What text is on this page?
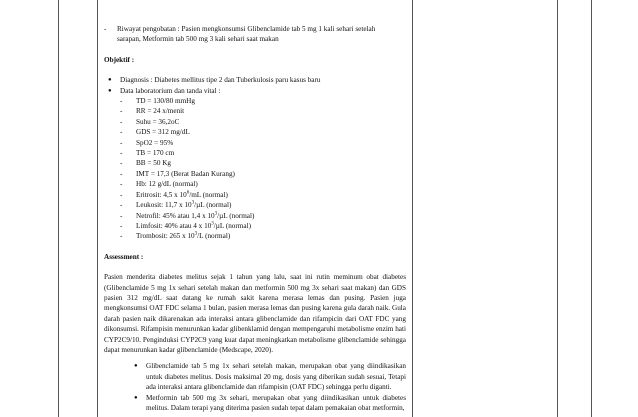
- Riwayat pengobatan : Pasien mengkonsumsi Glibenclamide tab 5 mg 1 kali sehari setelah

sarapan, Metformin tab 500 mg 3 kali sehari saat makan

Objektif :

● Diagnosis : Diabetes mellitus tipe 2 dan Tuberkulosis paru kasus baru
● Data laboratorium dan tanda vital :
- TD = 130/80 mmHg
- RR = 24 x/menit
- Suhu = 36,2oC
- GDS = 312 mg/dL
- SpO2 = 95%
- TB = 170 cm
- BB = 50 Kg
- IMT = 17,3 (Berat Badan Kurang)
- Hb: 12 g/dL (normal)
- Eritrosit: 4,5 x $10^6/mL$ (normal)
- Leukosit: 11,7 x $10^3/\mu L$ (normal)
- Netrofil: 45% atau 1,4 x $10^3/\mu L$ (normal)
- Limfosit: 40% atau 4 x $10^3/\mu L$ (normal)
- Trombosit: 265 x $10^3/L$ (normal)

Assessment :

Pasien menderita diabetes melitus sejak 1 tahun yang lalu, saat ini rutin meminum obat diabetes (Glibenclamide 5 mg 1x sehari setelah makan dan metformin 500 mg 3x sehari saat makan) dan GDS pasien 312 mg/dL saat datang ke rumah sakit karena merasa lemas dan pusing. Pasien juga mengkonsumsi OAT FDC selama 1 bulan, pasien merasa lemas dan pusing karena gula darah naik. Gula darah pasien naik dikarenakan ada interaksi antara glibenclamide dan rifampicin dari OAT FDC yang dikonsumsi. Rifampisin menurunkan kadar glibenklamid dengan mempengaruhi metabolisme enzim hati CYP2C9/10. Penginduksi CYP2C9 yang kuat dapat meningkatkan metabolisme glibenclamide sehingga dapat menurunkan kadar glibenclamide (Medscape, 2020).

● Glibenclamide tab 5 mg 1x sehari setelah makan, merupakan obat yang diindikasikan untuk diabetes melitus. Dosis maksimal 20 mg, dosis yang diberikan sudah sesuai, Tetapi ada interaksi antara glibenclamide dan rifampisin (OAT FDC) sehingga perlu diganti.
● Metformin tab 500 mg 3x sehari, merupakan obat yang diindikasikan untuk diabetes melitus. Dalam terapi yang diterima pasien sudah tepat dalam pemakaian obat metformin,
